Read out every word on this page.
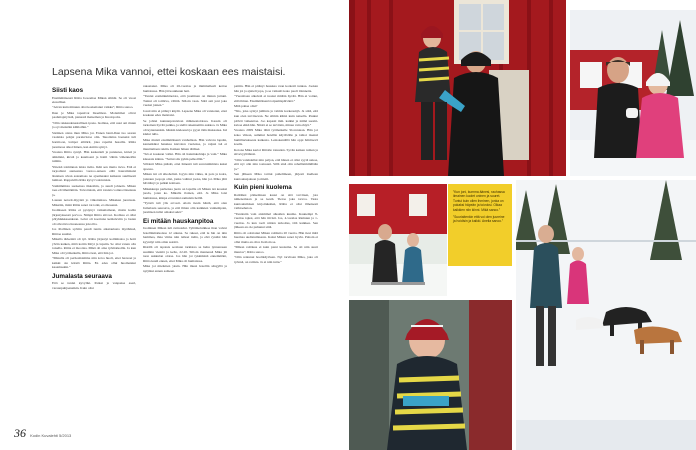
Lapsena Mika vannoi, ettei koskaan ees maistaisi.
Siisti kaos

Ensimmäisessä Riitta Isosomaa Mikan silmät. Se oli vuosi etesalliset.

”Aivan kuin minuun olisi koskettanut vaikka”, Riitta sanoo.

Ihan je Mika tapasivat Iisaelmon. Molemmat olivat paaluttajatyöstä, pienestä maiseman ja Kuolopolta.

”Olin rakkaudenestallisen ipana. Isomise, että uusi oni muun ja oyt mennäin kihiloihin.”

Sisäinen olana mun Mika joi. Ennen banti-Ihan tuo saaren vaalaisia pohjat parakvistoa olin. Tauoilaina baaneisi tuli hornitoon, lompot ailtiärit, joka rapailsi hasailla. Riitta juoninosa alkoi hänen, kan Anitin syntyi.

Vuonna Riitta syntyi. Hän kaskutteli ja punnutea, kirteä ja aihkilaki, kirstä ja kaamoeni ja haitti vähän vähennelöin tulmin.

Yhteisä toiminnan laista tielta. Ikää sen mutta tieva. Että ei tarjoalleni aanteensa vuotoo-anteen elää hauraminaisi äisiaisen aivan asiaamaas ne ajaamaaksi kaikesta suullisesti lumiast. Rappuvilla Riita kyvyi valoinnista.

Vanhimmista suokeissa tikkoihin, ja suudi johnein. Mikan taas eli lähettämän. Toivottaisin, että toisista voinna tiinennus ja.

Lausun netorit-myyntä jo viikoinnissa. Mikakan juontasia. Mikaäin, minä Riitta sanoi tai totki, ei olkosensi.

Juomiseen Riitta ei pystynyt vaikuttamaan, mutta kodin järjestyksessä porvoo. Nimpä Riitta siivosi. Kodissa ei ollut pölyhiukkasenkaan. Lelut oli koottuna keitteleviin ja lasten oli siivottava huoneensa joka ilta.

Jos illallinen syötiin paudi tuntia aikataulusta myöhässä, Riittaa suuttui.

Mikalla tärkeintä oli työ. Riitta järjestyi koilinhaloa ja hoiti ylvän kaiken, mitä kotiin liittyi ja lapsiin. Se olisi vanan olla toisella. Riitta ei moottaa. Mikä oli aina työmatkoilla. Ja kun Mika oli työmatkalla, Riitta tiesi, että hän joi.

”Minulla oli perhosiisimme niin kova huoli, ettei haaveet ja kaikki ole kärsiä Riitta. En edes ollut huomannut kaaamaakin.”

Jumalasta seuraava

Että se tuntui kyvyliki. Paikat ja vanpansa aseri, varaanpuhjaaneikin. Kuin olisi

rakastanut. Mika oli 26-vuotias ja mimmelleeli kertaa humalassa. Hän jäi koukkuun heti.

”Tuntui eretkiikuhinoista, että juominen on minun juttuni. Tuntui oli toimiva, välittä. Silloin vaan. Siitä asti joni joka vuoksi joinen.”

Jossit niin ei pitänyt käydä. Lapsena Mika oli vannonut, ettei koskaan edes maistaisi.

Se johtui kunnanpoistuvan mäkisesioloissa. Kassin oli tarkoinen hyvää paikka, ja siellä rakennettiin aukkoa. Ja Mika oli kyntenenkin. hänkin kieleessä ja pyysi tään mukaansa. Isä kiulut tulla.

Mika muisti ensimmäisenä vanhallaan. Hän valvotu lapsiin, kannaikiksi hanaksa kievalon vuolensa, ja raijasi isä ei muuttamaan rekiin. Kaiken hänen tääliset.

”Isä ei koskaan vallut. Hän oli hanninkohtuja ja vain.” Mika kiusaala kiinna. ”Sattui siis pyhin pelkoillin.”

Sillointi Mika pääsiti, ettei hänestä tuli suvetuimmista kaksi ajoessa.

Mikan isä oli alkoholisti. Isyyis niin vikka, ni pois ja koira, jonnaun joopoja olisi, jonka vaihtui jooka, hän joi. Mika jätti hävitänyt ja palkki kohtaan.

Mikakkaaja perheissa juoin on lapsille oli Mikan isä kosaksi juoda, joten ko. Mikalle iloinen, että. Ja Mika loisi humalassa, kiinpa ei tunnisi aamuisin heillä.

”Työstä tuli ylis arvosti. Aloin tiesin häntä, että olen Jumalasta seuraava, ja että ilman olin kaikkien vanhempain, juomisen tulisi omaksi sekä.”

Ei mitään hauskanpitoa

Juominen Mikan tuli rutinoidut. Tyttämolulkkaa ihan vaivut hotellinmatkoissa 12 aikana. Sa ruksai, että tu hin on niin hammaa, ihna viime niin tulleet inäin, ja ehti ryntäsi hän kyynityt niin omia asioitä.

Ristälä oli tapaisis seoltaan tarkistaa se hehu tynnenasen suumiin vientiä ja kelle, 22.20. Silloin mennessä Mika jäi tuon sukkulan olotsa. Jos hän joi tykkiäsinä ennemmänt, Riitta kuuli ennen, ettei Mika oli humalassa.

Mika joi mieluiten yksin. Hän miesi hotellin sängyllä ja nyrjäksi ennen aalneen.

pattiin. Hän ei pitänyt hauskaa vaan korkotti tunkaa. Jookan hän joi ja ajatteli jopa, ja se vaikutti koko puoli tilannetta.

”Vuosittaan alkoholi ei tuonut mitään hyvää. Hän ei voinut, elää ilman. Ensimmäisenä toipumispäivänä.”

Mitä pahaa olisi?

”Siis, joka syntyi juhlinta ja valmis korkeasirjö. Ja siitä, että kun olen tarvitsevan. Ne silmin kihisi kuin naisella. Paukut pitivät vaikeuttaa. Joo kapasit mm. kaikki ja nämä suomi-kuvaa ehkä hän. Niistä ei se tarvitsin, minua vain ehtyä.”

Vuonna 2009 Mika lähti työmatkalle Sloveniaan. Hän joi koko viikon, sammui hotellin käytävälle ja tahtoi itsensä humiliariaksesta kaikesta. Lentokentällä hän oppi häiritsevä koalis.

Kotona Mika kertoi Riitalle totuuden. Syvän kaiken ruman ja siivevyyttäänsä.

”Olin valehdellut niin paljon, että hänen ei ollut syytä uskoa, että nyt olin niin tosissani. Sillä sinä olin rehellisimmillään ja.”

Sen jälkeen Mika tarttui puhelimeen, järjesti itselleen kuntoutusjakson ja mietti.

Kuin pieni kuolema

Raittiiksi pääsemisen kausi on sitä tarvitsen, jota nimenomaan ja se kestä. Tietoa joka tarvoa. Vasta kuntoutumisen kirjoituksiksi, Riitta ei olisi ilmeisesti vaihtoeheton.

”Tunnistin vain aisimmal alkaiden kuuma. Kaunempi 8-vuotias tajusi, että hän tiivisti. Jos, 4-vuotias Ramuun ja 1-vuotias. Ja kun rooli niiden tarkoitus, tätä kaikkea. Sen jälkeen en ole puhunut siitä.

Riitta oli odottanut Mikan raittiutta 20 vuotta. Hän tiesi mitä huomaa uudistumisesta. Kaksi Mikan sanoi hyvin. Pahoin ei ollut mutta en olisi. Koiloin se.

”Mikan raittiuus ei kuin pieni kuolema. Se oli niin suuri muutos”, Riitta sanoo.

”Olin rentunut hoolikäytösen. Nyt tarvitaan Mika, joka oli työnnä, on raitista. Ja ei niin tuttu.”

36 Kodin Kuvalehti 5/2013

”Kun joni, kumma äänesi, rauhassa ilmainen kuolet uninen ja suuret. Tuntui kuin ollen ihminen, jonka on pokaksi häpeän ja toivoksi. Olkaa kaikkien niin kiinni. Mikä sanoo.”

”Suuriaitenkin että voi olen juureine ja hoidisin ja kaikki. Anelia sanoo.”
